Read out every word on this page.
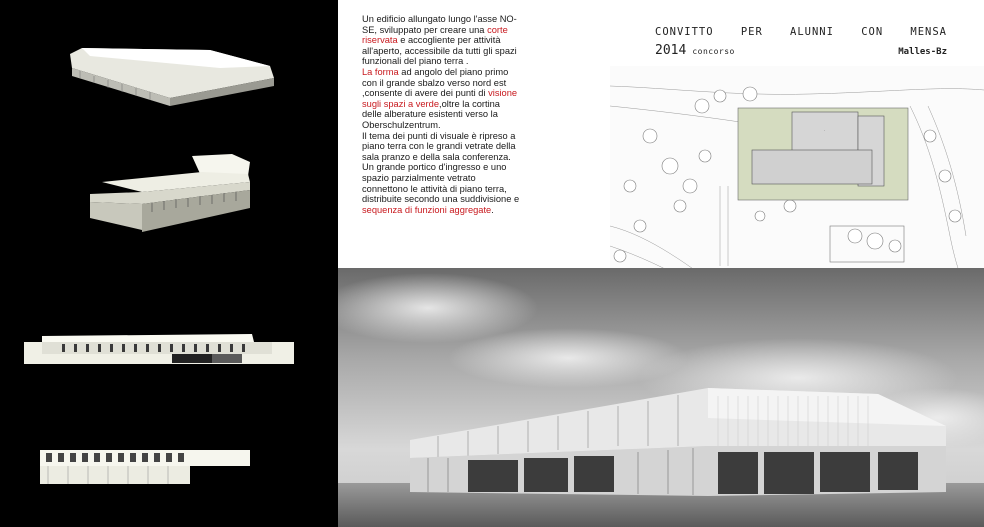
Un edificio allungato lungo l'asse NO-SE, sviluppato per creare una corte riservata e accogliente per attività all'aperto, accessibile da tutti gli spazi funzionali del piano terra .
La forma ad angolo del piano primo con il grande sbalzo verso nord est ,consente di avere dei punti di visione sugli spazi a verde,oltre la cortina delle alberature esistenti verso la Oberschulzentrum.
Il tema dei punti di visuale è ripreso a piano terra con le grandi vetrate della sala pranzo e della sala conferenza.
Un grande portico d'ingresso e uno spazio parzialmente vetrato connettono le attività di piano terra, distribuite secondo una suddivisione e sequenza di funzioni aggregate.
CONVITTO	PER	ALUNNI	CON	MENSA
2014 concorso	Malles-Bz
·
